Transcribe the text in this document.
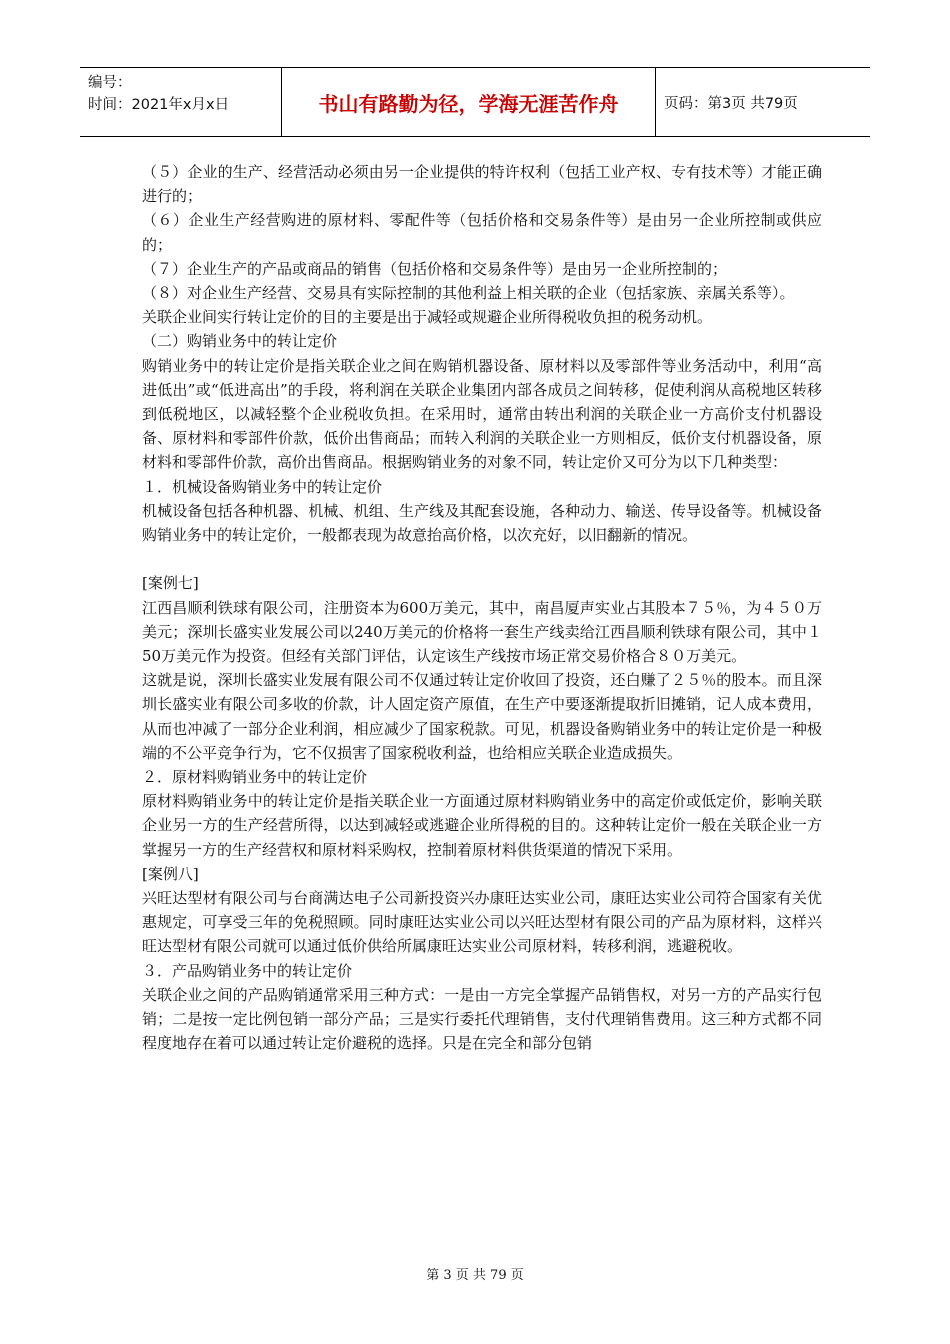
编号：
时间：2021年x月x日	书山有路勤为径，学海无涯苦作舟	页码：第3页 共79页

（５）企业的生产、经营活动必须由另一企业提供的特许权利（包括工业产权、专有技术等）才能正确进行的；

（６）企业生产经营购进的原材料、零配件等（包括价格和交易条件等）是由另一企业所控制或供应的；

（７）企业生产的产品或商品的销售（包括价格和交易条件等）是由另一企业所控制的；

（８）对企业生产经营、交易具有实际控制的其他利益上相关联的企业（包括家族、亲属关系等）。

关联企业间实行转让定价的目的主要是出于减轻或规避企业所得税收负担的税务动机。

（二）购销业务中的转让定价

购销业务中的转让定价是指关联企业之间在购销机器设备、原材料以及零部件等业务活动中，利用“高进低出”或“低进高出”的手段，将利润在关联企业集团内部各成员之间转移，促使利润从高税地区转移到低税地区，以减轻整个企业税收负担。在采用时，通常由转出利润的关联企业一方高价支付机器设备、原材料和零部件价款，低价出售商品；而转入利润的关联企业一方则相反，低价支付机器设备，原材料和零部件价款，高价出售商品。根据购销业务的对象不同，转让定价又可分为以下几种类型：

１．机械设备购销业务中的转让定价

机械设备包括各种机器、机械、机组、生产线及其配套设施，各种动力、输送、传导设备等。机械设备购销业务中的转让定价，一般都表现为故意抬高价格，以次充好，以旧翻新的情况。

[案例七]

江西昌顺利铁球有限公司，注册资本为600万美元，其中，南昌厦声实业占其股本７５％，为４５０万美元；深圳长盛实业发展公司以240万美元的价格将一套生产线卖给江西昌顺利铁球有限公司，其中１50万美元作为投资。但经有关部门评估，认定该生产线按市场正常交易价格合８０万美元。

这就是说，深圳长盛实业发展有限公司不仅通过转让定价收回了投资，还白赚了２５％的股本。而且深圳长盛实业有限公司多收的价款，计人固定资产原值，在生产中要逐渐提取折旧摊销，记人成本费用，从而也冲减了一部分企业利润，相应减少了国家税款。可见，机器设备购销业务中的转让定价是一种极端的不公平竞争行为，它不仅损害了国家税收利益，也给相应关联企业造成损失。

２．原材料购销业务中的转让定价

原材料购销业务中的转让定价是指关联企业一方面通过原材料购销业务中的高定价或低定价，影响关联企业另一方的生产经营所得，以达到减轻或逃避企业所得税的目的。这种转让定价一般在关联企业一方掌握另一方的生产经营权和原材料采购权，控制着原材料供货渠道的情况下采用。

[案例八]

兴旺达型材有限公司与台商满达电子公司新投资兴办康旺达实业公司，康旺达实业公司符合国家有关优惠规定，可享受三年的免税照顾。同时康旺达实业公司以兴旺达型材有限公司的产品为原材料，这样兴旺达型材有限公司就可以通过低价供给所属康旺达实业公司原材料，转移利润，逃避税收。

３．产品购销业务中的转让定价

关联企业之间的产品购销通常采用三种方式：一是由一方完全掌握产品销售权，对另一方的产品实行包销；二是按一定比例包销一部分产品；三是实行委托代理销售，支付代理销售费用。这三种方式都不同程度地存在着可以通过转让定价避税的选择。只是在完全和部分包销

第 3 页 共 79 页
